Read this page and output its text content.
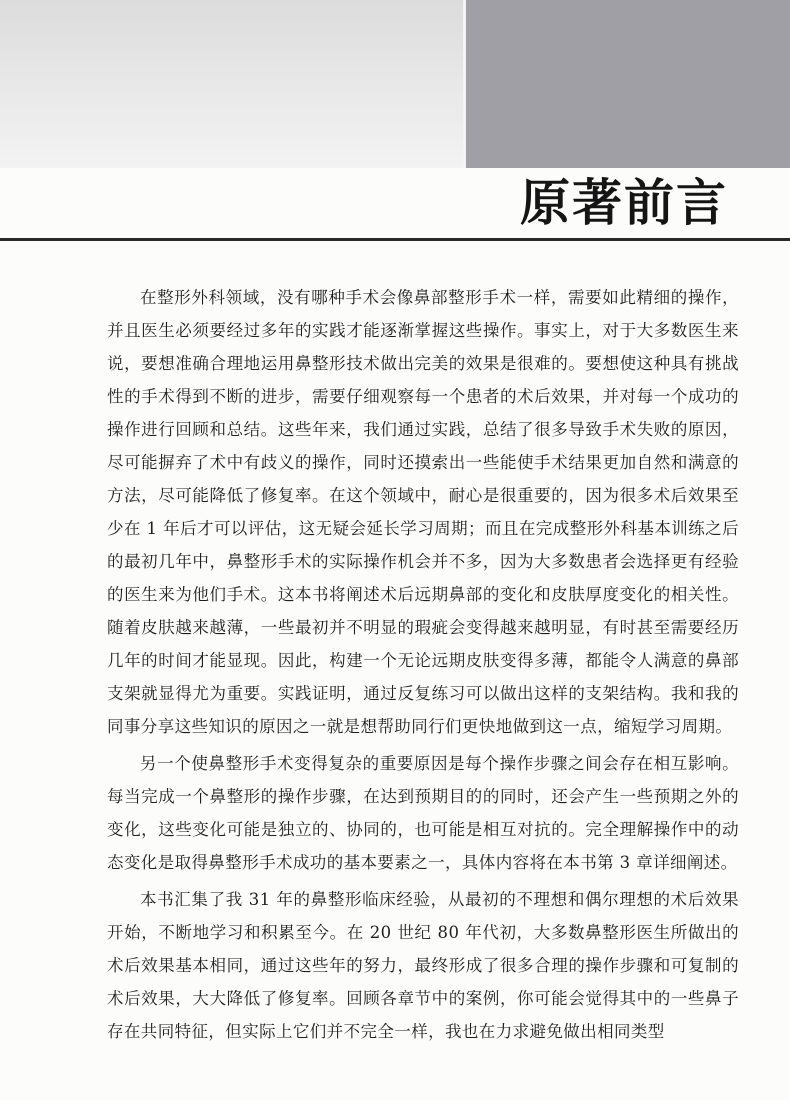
原著前言

在整形外科领域，没有哪种手术会像鼻部整形手术一样，需要如此精细的操作，并且医生必须要经过多年的实践才能逐渐掌握这些操作。事实上，对于大多数医生来说，要想准确合理地运用鼻整形技术做出完美的效果是很难的。要想使这种具有挑战性的手术得到不断的进步，需要仔细观察每一个患者的术后效果，并对每一个成功的操作进行回顾和总结。这些年来，我们通过实践，总结了很多导致手术失败的原因，尽可能摒弃了术中有歧义的操作，同时还摸索出一些能使手术结果更加自然和满意的方法，尽可能降低了修复率。在这个领域中，耐心是很重要的，因为很多术后效果至少在 1 年后才可以评估，这无疑会延长学习周期；而且在完成整形外科基本训练之后的最初几年中，鼻整形手术的实际操作机会并不多，因为大多数患者会选择更有经验的医生来为他们手术。这本书将阐述术后远期鼻部的变化和皮肤厚度变化的相关性。随着皮肤越来越薄，一些最初并不明显的瑕疵会变得越来越明显，有时甚至需要经历几年的时间才能显现。因此，构建一个无论远期皮肤变得多薄，都能令人满意的鼻部支架就显得尤为重要。实践证明，通过反复练习可以做出这样的支架结构。我和我的同事分享这些知识的原因之一就是想帮助同行们更快地做到这一点，缩短学习周期。

另一个使鼻整形手术变得复杂的重要原因是每个操作步骤之间会存在相互影响。每当完成一个鼻整形的操作步骤，在达到预期目的的同时，还会产生一些预期之外的变化，这些变化可能是独立的、协同的，也可能是相互对抗的。完全理解操作中的动态变化是取得鼻整形手术成功的基本要素之一，具体内容将在本书第 3 章详细阐述。

本书汇集了我 31 年的鼻整形临床经验，从最初的不理想和偶尔理想的术后效果开始，不断地学习和积累至今。在 20 世纪 80 年代初，大多数鼻整形医生所做出的术后效果基本相同，通过这些年的努力，最终形成了很多合理的操作步骤和可复制的术后效果，大大降低了修复率。回顾各章节中的案例，你可能会觉得其中的一些鼻子存在共同特征，但实际上它们并不完全一样，我也在力求避免做出相同类型
